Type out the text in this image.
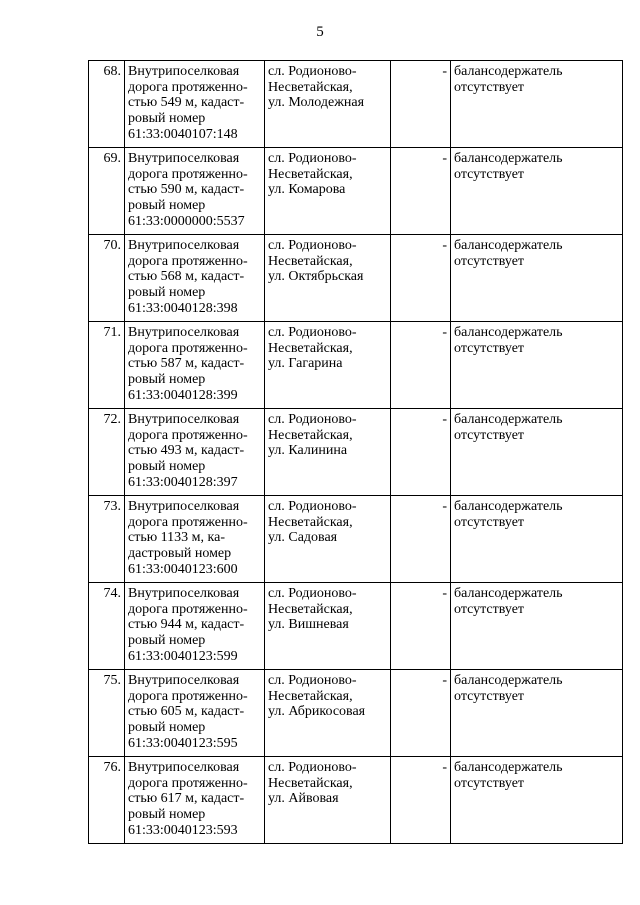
5
68.	Внутрипоселковая
дорога протяженно-
стью 549 м, кадаст-
ровый номер
61:33:0040107:148	сл. Родионово-
Несветайская,
ул. Молодежная	-	балансодержатель
отсутствует

69.	Внутрипоселковая
дорога протяженно-
стью 590 м, кадаст-
ровый номер
61:33:0000000:5537	сл. Родионово-
Несветайская,
ул. Комарова	-	балансодержатель
отсутствует

70.	Внутрипоселковая
дорога протяженно-
стью 568 м, кадаст-
ровый номер
61:33:0040128:398	сл. Родионово-
Несветайская,
ул. Октябрьская	-	балансодержатель
отсутствует

71.	Внутрипоселковая
дорога протяженно-
стью 587 м, кадаст-
ровый номер
61:33:0040128:399	сл. Родионово-
Несветайская,
ул. Гагарина	-	балансодержатель
отсутствует

72.	Внутрипоселковая
дорога протяженно-
стью 493 м, кадаст-
ровый номер
61:33:0040128:397	сл. Родионово-
Несветайская,
ул. Калинина	-	балансодержатель
отсутствует

73.	Внутрипоселковая
дорога протяженно-
стью 1133 м, ка-
дастровый номер
61:33:0040123:600	сл. Родионово-
Несветайская,
ул. Садовая	-	балансодержатель
отсутствует

74.	Внутрипоселковая
дорога протяженно-
стью 944 м, кадаст-
ровый номер
61:33:0040123:599	сл. Родионово-
Несветайская,
ул. Вишневая	-	балансодержатель
отсутствует

75.	Внутрипоселковая
дорога протяженно-
стью 605 м, кадаст-
ровый номер
61:33:0040123:595	сл. Родионово-
Несветайская,
ул. Абрикосовая	-	балансодержатель
отсутствует

76.	Внутрипоселковая
дорога протяженно-
стью 617 м, кадаст-
ровый номер
61:33:0040123:593	сл. Родионово-
Несветайская,
ул. Айвовая	-	балансодержатель
отсутствует
